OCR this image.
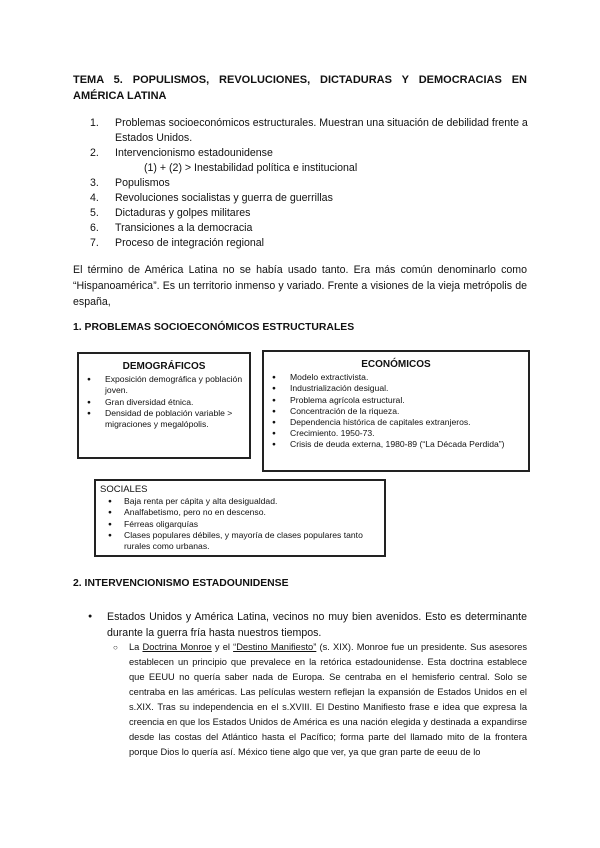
TEMA 5. POPULISMOS, REVOLUCIONES, DICTADURAS Y DEMOCRACIAS EN AMÉRICA LATINA
1. Problemas socioeconómicos estructurales. Muestran una situación de debilidad frente a Estados Unidos.
2. Intervencionismo estadounidense
(1) + (2) > Inestabilidad política e institucional
3. Populismos
4. Revoluciones socialistas y guerra de guerrillas
5. Dictaduras y golpes militares
6. Transiciones a la democracia
7. Proceso de integración regional

El término de América Latina no se había usado tanto. Era más común denominarlo como “Hispanoamérica”. Es un territorio inmenso y variado. Frente a visiones de la vieja metrópolis de españa,

1. PROBLEMAS SOCIOECONÓMICOS ESTRUCTURALES
DEMOGRÁFICOS
● Exposición demográfica y población joven.
● Gran diversidad étnica.
● Densidad de población variable > migraciones y megalópolis.
ECONÓMICOS
● Modelo extractivista.
● Industrialización desigual.
● Problema agrícola estructural.
● Concentración de la riqueza.
● Dependencia histórica de capitales extranjeros.
● Crecimiento. 1950-73.
● Crisis de deuda externa, 1980-89 (“La Década Perdida”)
SOCIALES
● Baja renta per cápita y alta desigualdad.
● Analfabetismo, pero no en descenso.
● Férreas oligarquías
● Clases populares débiles, y mayoría de clases populares tanto rurales como urbanas.
2. INTERVENCIONISMO ESTADOUNIDENSE
● Estados Unidos y América Latina, vecinos no muy bien avenidos. Esto es determinante durante la guerra fría hasta nuestros tiempos.
○ La Doctrina Monroe y el “Destino Manifiesto” (s. XIX). Monroe fue un presidente. Sus asesores establecen un principio que prevalece en la retórica estadounidense. Esta doctrina establece que EEUU no quería saber nada de Europa. Se centraba en el hemisferio central. Solo se centraba en las américas. Las películas western reflejan la expansión de Estados Unidos en el s.XIX. Tras su independencia en el s.XVIII. El Destino Manifiesto frase e idea que expresa la creencia en que los Estados Unidos de América es una nación elegida y destinada a expandirse desde las costas del Atlántico hasta el Pacífico; forma parte del llamado mito de la frontera porque Dios lo quería así. México tiene algo que ver, ya que gran parte de eeuu de lo
